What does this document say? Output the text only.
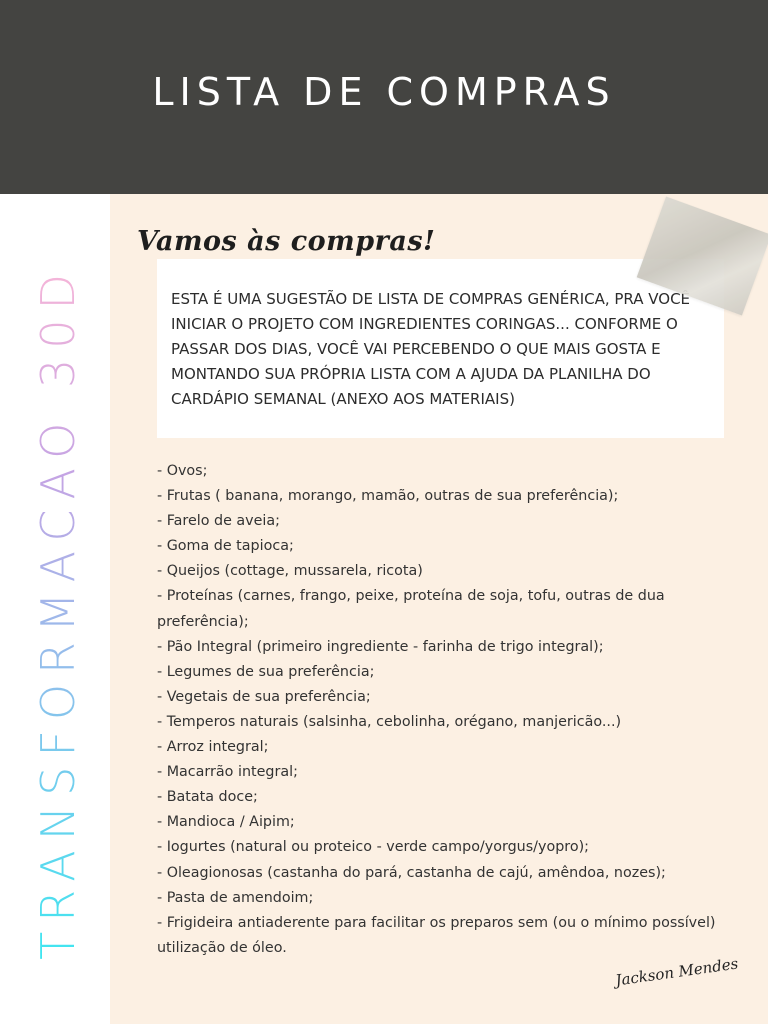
LISTA DE COMPRAS
TRANSFORMACAO 30D
Vamos às compras!

ESTA É UMA SUGESTÃO DE LISTA DE COMPRAS GENÉRICA, PRA VOCÊ INICIAR O PROJETO COM INGREDIENTES CORINGAS... CONFORME O PASSAR DOS DIAS, VOCÊ VAI PERCEBENDO O QUE MAIS GOSTA E MONTANDO SUA PRÓPRIA LISTA COM A AJUDA DA PLANILHA DO CARDÁPIO SEMANAL (ANEXO AOS MATERIAIS)

- Ovos;
- Frutas ( banana, morango, mamão, outras de sua preferência);
- Farelo de aveia;
- Goma de tapioca;
- Queijos (cottage, mussarela, ricota)
- Proteínas (carnes, frango, peixe, proteína de soja, tofu, outras de dua preferência);
- Pão Integral (primeiro ingrediente - farinha de trigo integral);
- Legumes de sua preferência;
- Vegetais de sua preferência;
- Temperos naturais (salsinha, cebolinha, orégano, manjericão...)
- Arroz integral;
- Macarrão integral;
- Batata doce;
- Mandioca / Aipim;
- Iogurtes (natural ou proteico - verde campo/yorgus/yopro);
- Oleagionosas (castanha do pará, castanha de cajú, amêndoa, nozes);
- Pasta de amendoim;
- Frigideira antiaderente para facilitar os preparos sem (ou o mínimo possível) utilização de óleo.
Jackson Mendes
